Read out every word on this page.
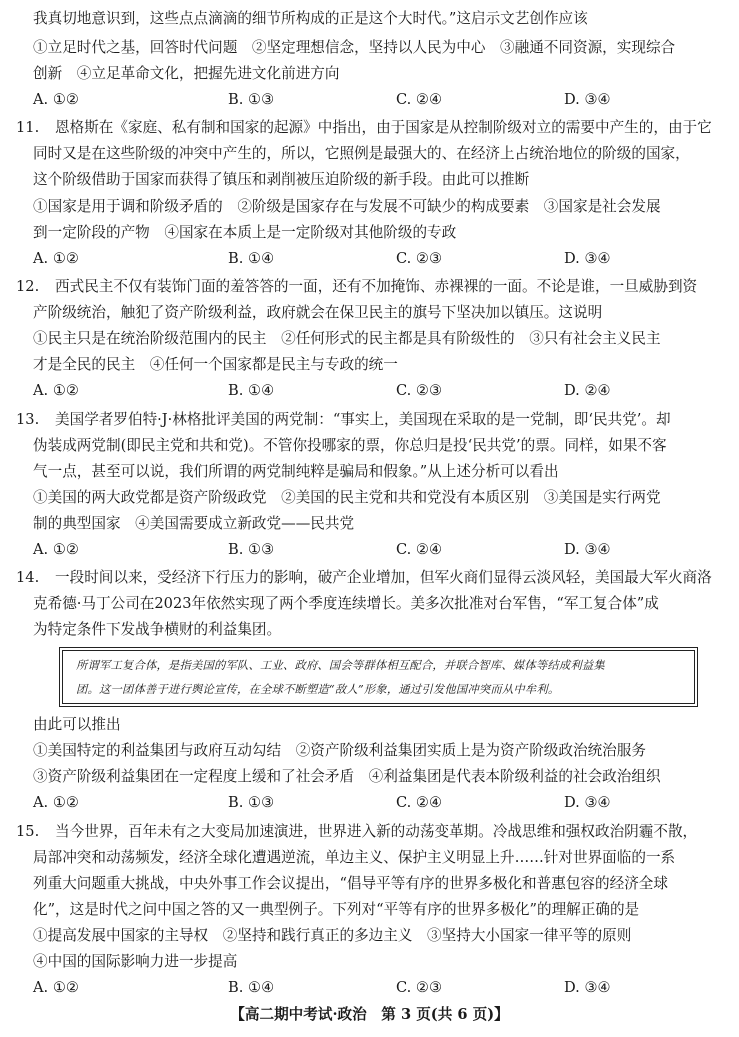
我真切地意识到，这些点点滴滴的细节所构成的正是这个大时代。”这启示文艺创作应该
①立足时代之基，回答时代问题　②坚定理想信念，坚持以人民为中心　③融通不同资源，实现综合
创新　④立足革命文化，把握先进文化前进方向
A. ①②	B. ①③	C. ②④	D. ③④
11. 恩格斯在《家庭、私有制和国家的起源》中指出，由于国家是从控制阶级对立的需要中产生的，由于它
同时又是在这些阶级的冲突中产生的，所以，它照例是最强大的、在经济上占统治地位的阶级的国家，
这个阶级借助于国家而获得了镇压和剥削被压迫阶级的新手段。由此可以推断
①国家是用于调和阶级矛盾的　②阶级是国家存在与发展不可缺少的构成要素　③国家是社会发展
到一定阶段的产物　④国家在本质上是一定阶级对其他阶级的专政
A. ①②	B. ①④	C. ②③	D. ③④
12. 西式民主不仅有装饰门面的羞答答的一面，还有不加掩饰、赤裸裸的一面。不论是谁，一旦威胁到资
产阶级统治，触犯了资产阶级利益，政府就会在保卫民主的旗号下坚决加以镇压。这说明
①民主只是在统治阶级范围内的民主　②任何形式的民主都是具有阶级性的　③只有社会主义民主
才是全民的民主　④任何一个国家都是民主与专政的统一
A. ①②	B. ①④	C. ②③	D. ②④
13. 美国学者罗伯特·J·林格批评美国的两党制：“事实上，美国现在采取的是一党制，即‘民共党’。却
伪装成两党制(即民主党和共和党)。不管你投哪家的票，你总归是投‘民共党’的票。同样，如果不客
气一点，甚至可以说，我们所谓的两党制纯粹是骗局和假象。”从上述分析可以看出
①美国的两大政党都是资产阶级政党　②美国的民主党和共和党没有本质区别　③美国是实行两党
制的典型国家　④美国需要成立新政党——民共党
A. ①②	B. ①③	C. ②④	D. ③④
14. 一段时间以来，受经济下行压力的影响，破产企业增加，但军火商们显得云淡风轻，美国最大军火商洛
克希德·马丁公司在2023年依然实现了两个季度连续增长。美多次批准对台军售，“军工复合体”成
为特定条件下发战争横财的利益集团。
所谓军工复合体，是指美国的军队、工业、政府、国会等群体相互配合，并联合智库、媒体等结成利益集
团。这一团体善于进行舆论宣传，在全球不断塑造“敌人”形象，通过引发他国冲突而从中牟利。
由此可以推出
①美国特定的利益集团与政府互动勾结　②资产阶级利益集团实质上是为资产阶级政治统治服务
③资产阶级利益集团在一定程度上缓和了社会矛盾　④利益集团是代表本阶级利益的社会政治组织
A. ①②	B. ①③	C. ②④	D. ③④
15. 当今世界，百年未有之大变局加速演进，世界进入新的动荡变革期。冷战思维和强权政治阴霾不散，
局部冲突和动荡频发，经济全球化遭遇逆流，单边主义、保护主义明显上升……针对世界面临的一系
列重大问题重大挑战，中央外事工作会议提出，“倡导平等有序的世界多极化和普惠包容的经济全球
化”，这是时代之问中国之答的又一典型例子。下列对“平等有序的世界多极化”的理解正确的是
①提高发展中国家的主导权　②坚持和践行真正的多边主义　③坚持大小国家一律平等的原则
④中国的国际影响力进一步提高
A. ①②	B. ①④	C. ②③	D. ③④
【高二期中考试·政治　第 3 页(共 6 页)】
